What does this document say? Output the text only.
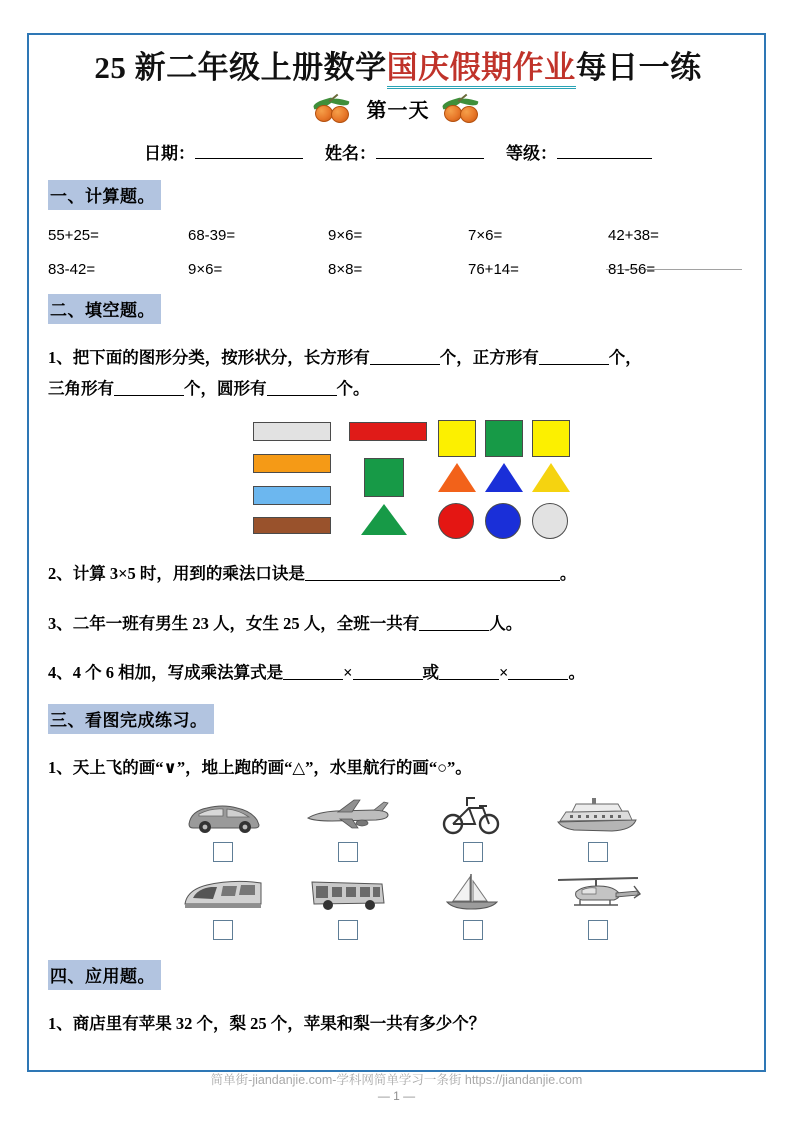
25 新二年级上册数学国庆假期作业每日一练
第一天
日期：	姓名：	等级：
一、计算题。
55+25=	68-39=	9×6=	7×6=	42+38=
83-42=	9×6=	8×8=	76+14=	81-56=
二、填空题。
1、把下面的图形分类，按形状分，长方形有	个，正方形有	个，
三角形有	个，圆形有	个。
2、计算 3×5 时，用到的乘法口诀是	。
3、二年一班有男生 23 人，女生 25 人，全班一共有	人。
4、4 个 6 相加，写成乘法算式是	×	或	×	。
三、看图完成练习。
1、天上飞的画“∨”，地上跑的画“△”，水里航行的画“○”。
四、应用题。
1、商店里有苹果 32 个，梨 25 个，苹果和梨一共有多少个？
简单街-jiandanjie.com-学科网简单学习一条街 https://jiandanjie.com
— 1 —
